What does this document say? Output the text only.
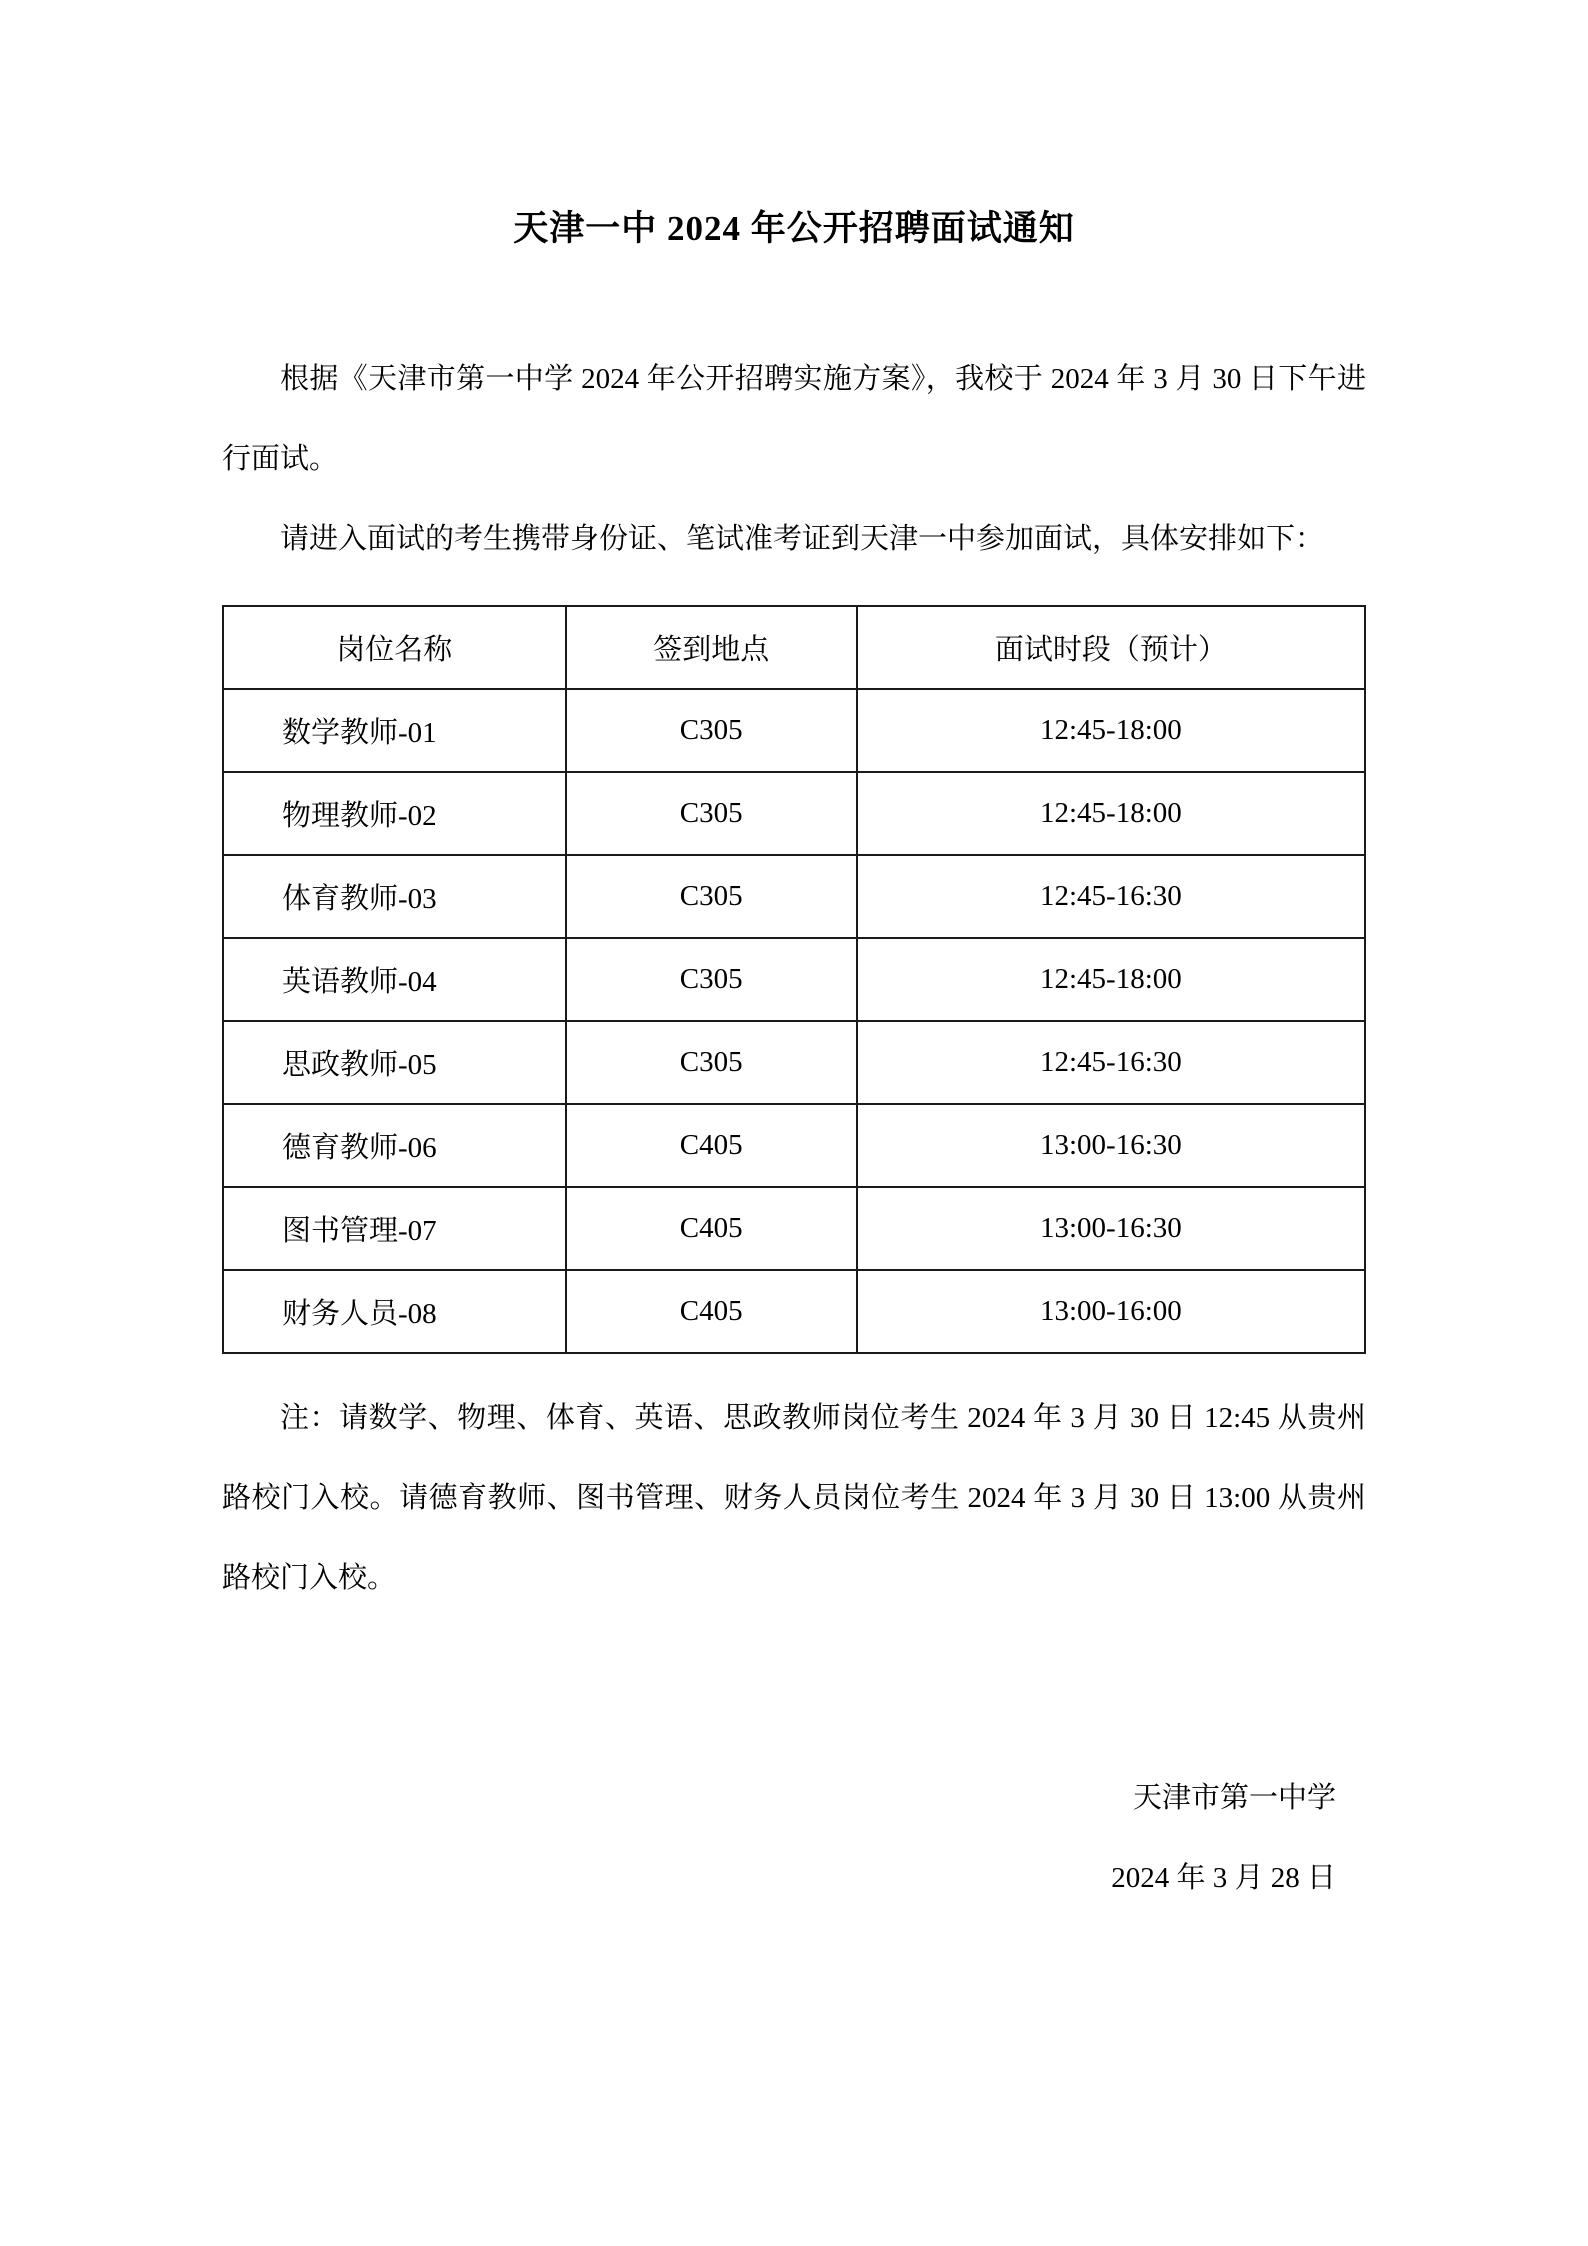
天津一中 2024 年公开招聘面试通知

根据《天津市第一中学 2024 年公开招聘实施方案》，我校于 2024 年 3 月 30 日下午进行面试。

请进入面试的考生携带身份证、笔试准考证到天津一中参加面试，具体安排如下：

岗位名称	签到地点	面试时段（预计）
数学教师-01	C305	12:45-18:00
物理教师-02	C305	12:45-18:00
体育教师-03	C305	12:45-16:30
英语教师-04	C305	12:45-18:00
思政教师-05	C305	12:45-16:30
德育教师-06	C405	13:00-16:30
图书管理-07	C405	13:00-16:30
财务人员-08	C405	13:00-16:00

注：请数学、物理、体育、英语、思政教师岗位考生 2024 年 3 月 30 日 12:45 从贵州路校门入校。请德育教师、图书管理、财务人员岗位考生 2024 年 3 月 30 日 13:00 从贵州路校门入校。

天津市第一中学
2024 年 3 月 28 日
